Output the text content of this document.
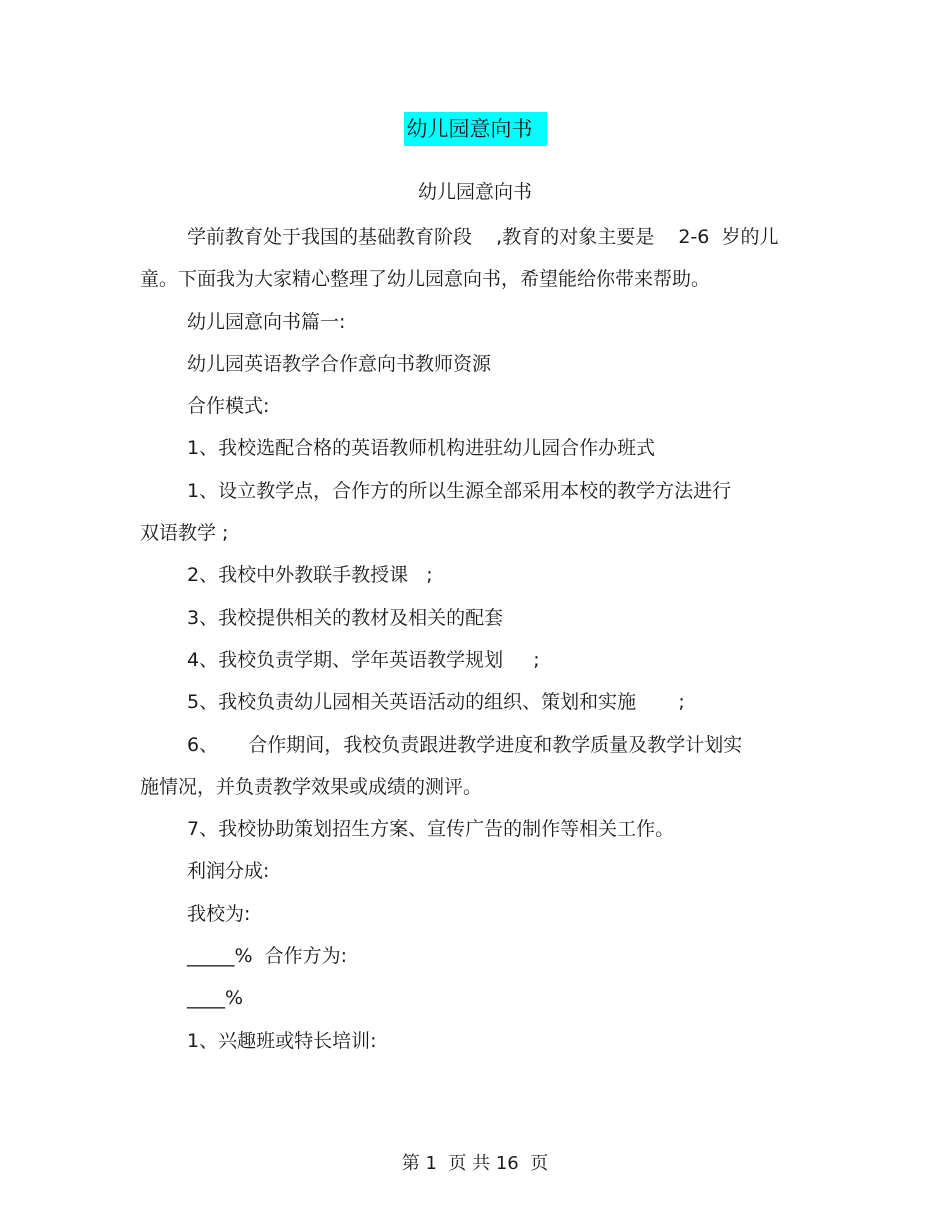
幼儿园意向书
幼儿园意向书
学前教育处于我国的基础教育阶段    ,教育的对象主要是    2-6  岁的儿
童。下面我为大家精心整理了幼儿园意向书，希望能给你带来帮助。
幼儿园意向书篇一:
幼儿园英语教学合作意向书教师资源
合作模式:
1、我校选配合格的英语教师机构进驻幼儿园合作办班式
1、设立教学点，合作方的所以生源全部采用本校的教学方法进行
双语教学 ;
2、我校中外教联手教授课   ;
3、我校提供相关的教材及相关的配套
4、我校负责学期、学年英语教学规划     ;
5、我校负责幼儿园相关英语活动的组织、策划和实施       ;
6、     合作期间，我校负责跟进教学进度和教学质量及教学计划实
施情况，并负责教学效果或成绩的测评。
7、我校协助策划招生方案、宣传广告的制作等相关工作。
利润分成:
我校为:
_____%  合作方为:
____%
1、兴趣班或特长培训:
第 1  页 共 16  页
